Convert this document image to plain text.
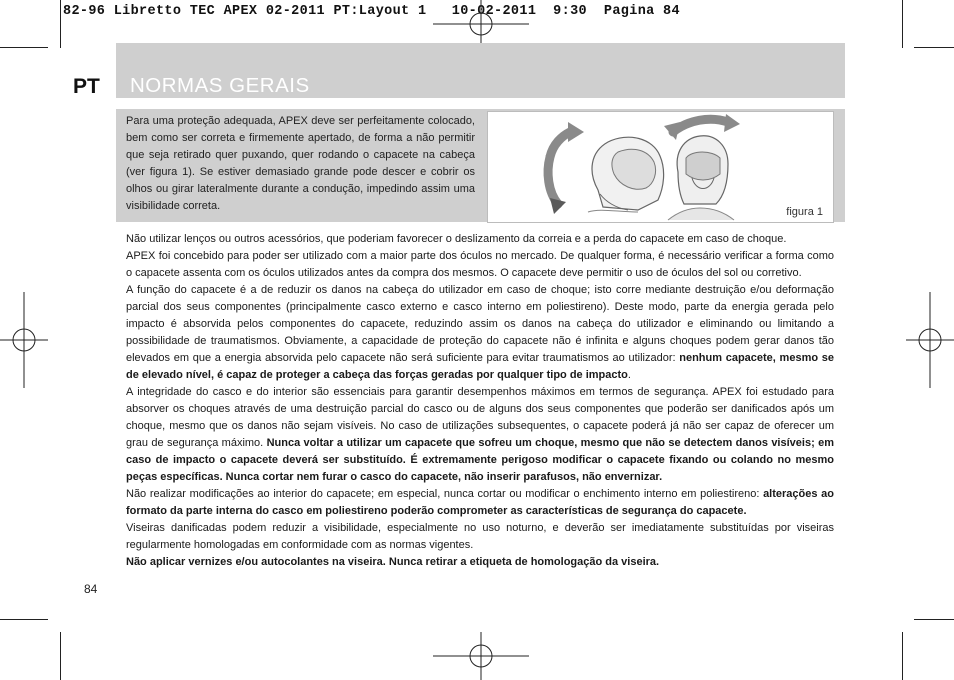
82-96 Libretto TEC APEX 02-2011 PT:Layout 1   10-02-2011  9:30  Pagina 84
PT NORMAS GERAIS
Para uma proteção adequada, APEX deve ser perfeitamente colocado, bem como ser correta e firmemente apertado, de forma a não permitir que seja retirado quer puxando, quer rodando o capacete na cabeça (ver figura 1). Se estiver demasiado grande pode descer e cobrir os olhos ou girar lateralmente durante a condução, impedindo assim uma visibilidade correta.	figura 1

Não utilizar lenços ou outros acessórios, que poderiam favorecer o deslizamento da correia e a perda do capacete em caso de choque.

APEX foi concebido para poder ser utilizado com a maior parte dos óculos no mercado. De qualquer forma, é necessário verificar a forma como o capacete assenta com os óculos utilizados antes da compra dos mesmos. O capacete deve permitir o uso de óculos del sol ou corretivo.

A função do capacete é a de reduzir os danos na cabeça do utilizador em caso de choque; isto corre mediante destruição e/ou deformação parcial dos seus componentes (principalmente casco externo e casco interno em poliestireno). Deste modo, parte da energia gerada pelo impacto é absorvida pelos componentes do capacete, reduzindo assim os danos na cabeça do utilizador e eliminando ou limitando a possibilidade de traumatismos. Obviamente, a capacidade de proteção do capacete não é infinita e alguns choques podem gerar danos tão elevados em que a energia absorvida pelo capacete não será suficiente para evitar traumatismos ao utilizador: nenhum capacete, mesmo se de elevado nível, é capaz de proteger a cabeça das forças geradas por qualquer tipo de impacto.

A integridade do casco e do interior são essenciais para garantir desempenhos máximos em termos de segurança. APEX foi estudado para absorver os choques através de uma destruição parcial do casco ou de alguns dos seus componentes que poderão ser danificados após um choque, mesmo que os danos não sejam visíveis. No caso de utilizações subsequentes, o capacete poderá já não ser capaz de oferecer um grau de segurança máximo. Nunca voltar a utilizar um capacete que sofreu um choque, mesmo que não se detectem danos visíveis; em caso de impacto o capacete deverá ser substituído. É extremamente perigoso modificar o capacete fixando ou colando no mesmo peças específicas. Nunca cortar nem furar o casco do capacete, não inserir parafusos, não envernizar.

Não realizar modificações ao interior do capacete; em especial, nunca cortar ou modificar o enchimento interno em poliestireno: alterações ao formato da parte interna do casco em poliestireno poderão comprometer as características de segurança do capacete.

Viseiras danificadas podem reduzir a visibilidade, especialmente no uso noturno, e deverão ser imediatamente substituídas por viseiras regularmente homologadas em conformidade com as normas vigentes.

Não aplicar vernizes e/ou autocolantes na viseira. Nunca retirar a etiqueta de homologação da viseira.

84
